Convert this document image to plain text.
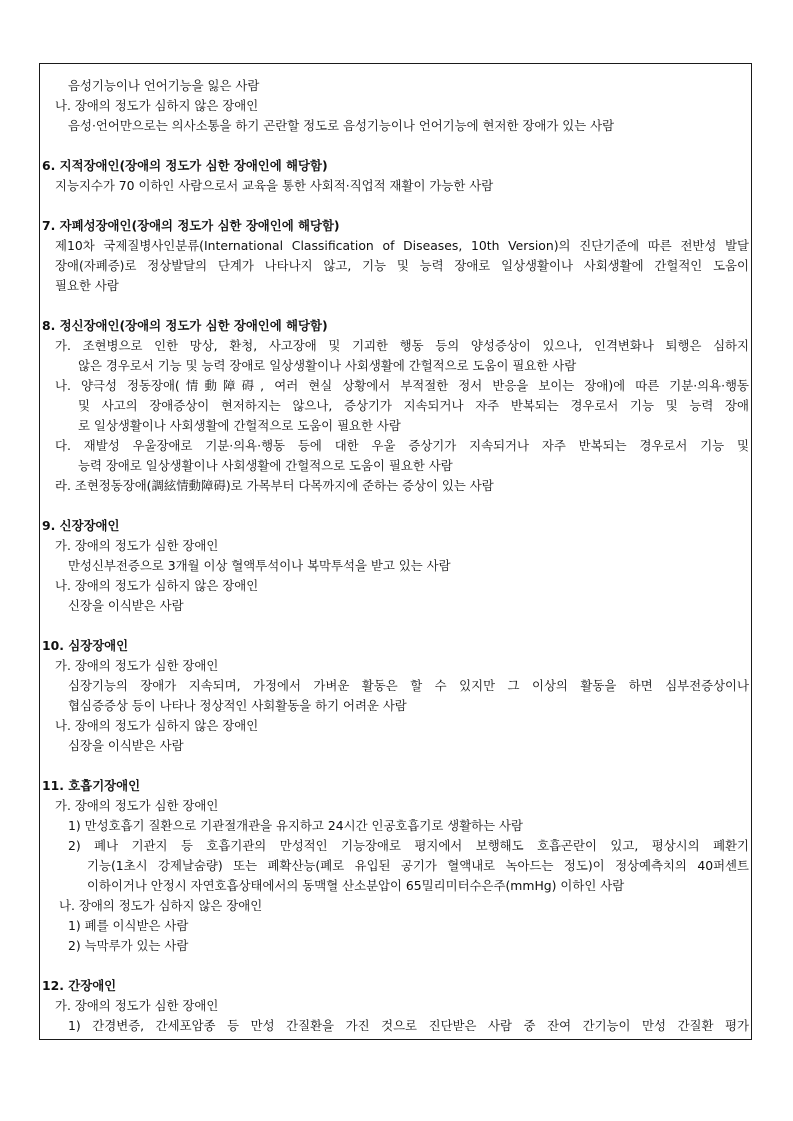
음성기능이나 언어기능을 잃은 사람
나. 장애의 정도가 심하지 않은 장애인
음성·언어만으로는 의사소통을 하기 곤란할 정도로 음성기능이나 언어기능에 현저한 장애가 있는 사람
6. 지적장애인(장애의 정도가 심한 장애인에 해당함)
지능지수가 70 이하인 사람으로서 교육을 통한 사회적·직업적 재활이 가능한 사람
7. 자폐성장애인(장애의 정도가 심한 장애인에 해당함)
제10차 국제질병사인분류(International Classification of Diseases, 10th Version)의 진단기준에 따른 전반성 발달
장애(자폐증)로 정상발달의 단계가 나타나지 않고, 기능 및 능력 장애로 일상생활이나 사회생활에 간헐적인 도움이
필요한 사람
8. 정신장애인(장애의 정도가 심한 장애인에 해당함)
가. 조현병으로 인한 망상, 환청, 사고장애 및 기괴한 행동 등의 양성증상이 있으나, 인격변화나 퇴행은 심하지
않은 경우로서 기능 및 능력 장애로 일상생활이나 사회생활에 간헐적으로 도움이 필요한 사람
나. 양극성 정동장애(情動障碍, 여러 현실 상황에서 부적절한 정서 반응을 보이는 장애)에 따른 기분·의욕·행동
및 사고의 장애증상이 현저하지는 않으나, 증상기가 지속되거나 자주 반복되는 경우로서 기능 및 능력 장애
로 일상생활이나 사회생활에 간헐적으로 도움이 필요한 사람
다. 재발성 우울장애로 기분·의욕·행동 등에 대한 우울 증상기가 지속되거나 자주 반복되는 경우로서 기능 및
능력 장애로 일상생활이나 사회생활에 간헐적으로 도움이 필요한 사람
라. 조현정동장애(調絃情動障碍)로 가목부터 다목까지에 준하는 증상이 있는 사람
9. 신장장애인
가. 장애의 정도가 심한 장애인
만성신부전증으로 3개월 이상 혈액투석이나 복막투석을 받고 있는 사람
나. 장애의 정도가 심하지 않은 장애인
신장을 이식받은 사람
10. 심장장애인
가. 장애의 정도가 심한 장애인
심장기능의 장애가 지속되며, 가정에서 가벼운 활동은 할 수 있지만 그 이상의 활동을 하면 심부전증상이나
협심증증상 등이 나타나 정상적인 사회활동을 하기 어려운 사람
나. 장애의 정도가 심하지 않은 장애인
심장을 이식받은 사람
11. 호흡기장애인
가. 장애의 정도가 심한 장애인
1) 만성호흡기 질환으로 기관절개관을 유지하고 24시간 인공호흡기로 생활하는 사람
2) 폐나 기관지 등 호흡기관의 만성적인 기능장애로 평지에서 보행해도 호흡곤란이 있고, 평상시의 폐환기
기능(1초시 강제날숨량) 또는 폐확산능(폐로 유입된 공기가 혈액내로 녹아드는 정도)이 정상예측치의 40퍼센트
이하이거나 안정시 자연호흡상태에서의 동맥혈 산소분압이 65밀리미터수은주(mmHg) 이하인 사람
나. 장애의 정도가 심하지 않은 장애인
1) 폐를 이식받은 사람
2) 늑막루가 있는 사람
12. 간장애인
가. 장애의 정도가 심한 장애인
1) 간경변증, 간세포암종 등 만성 간질환을 가진 것으로 진단받은 사람 중 잔여 간기능이 만성 간질환 평가
